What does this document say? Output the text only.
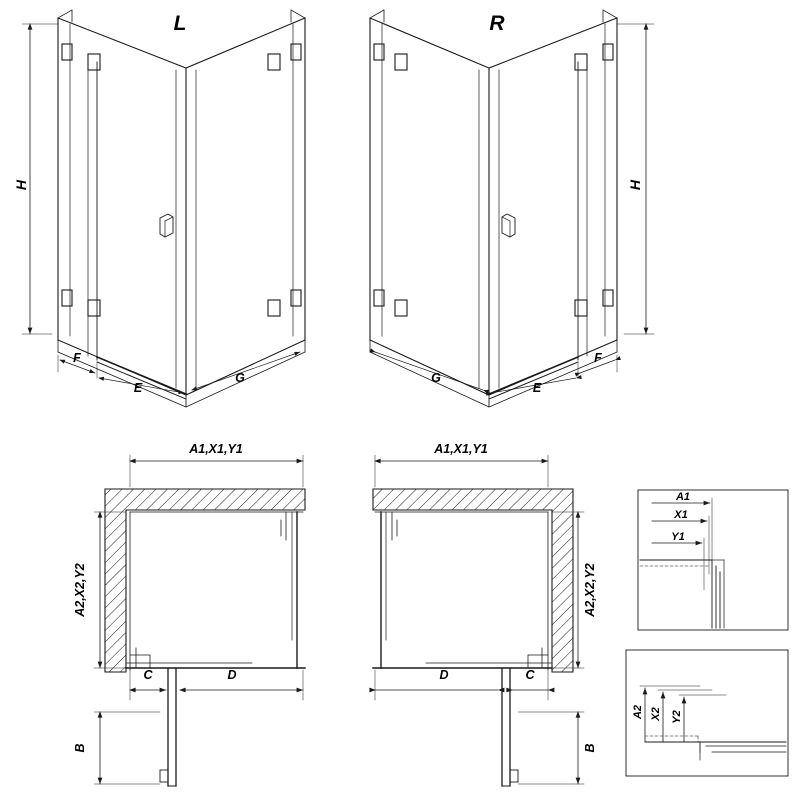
L	R
H	H
F
E
G	G
E
F
A1,X1,Y1	A1,X1,Y1
A2,X2,Y2	A2,X2,Y2
C	D	D	C
B	B
A1
X1
Y1
A2 X2 Y2
